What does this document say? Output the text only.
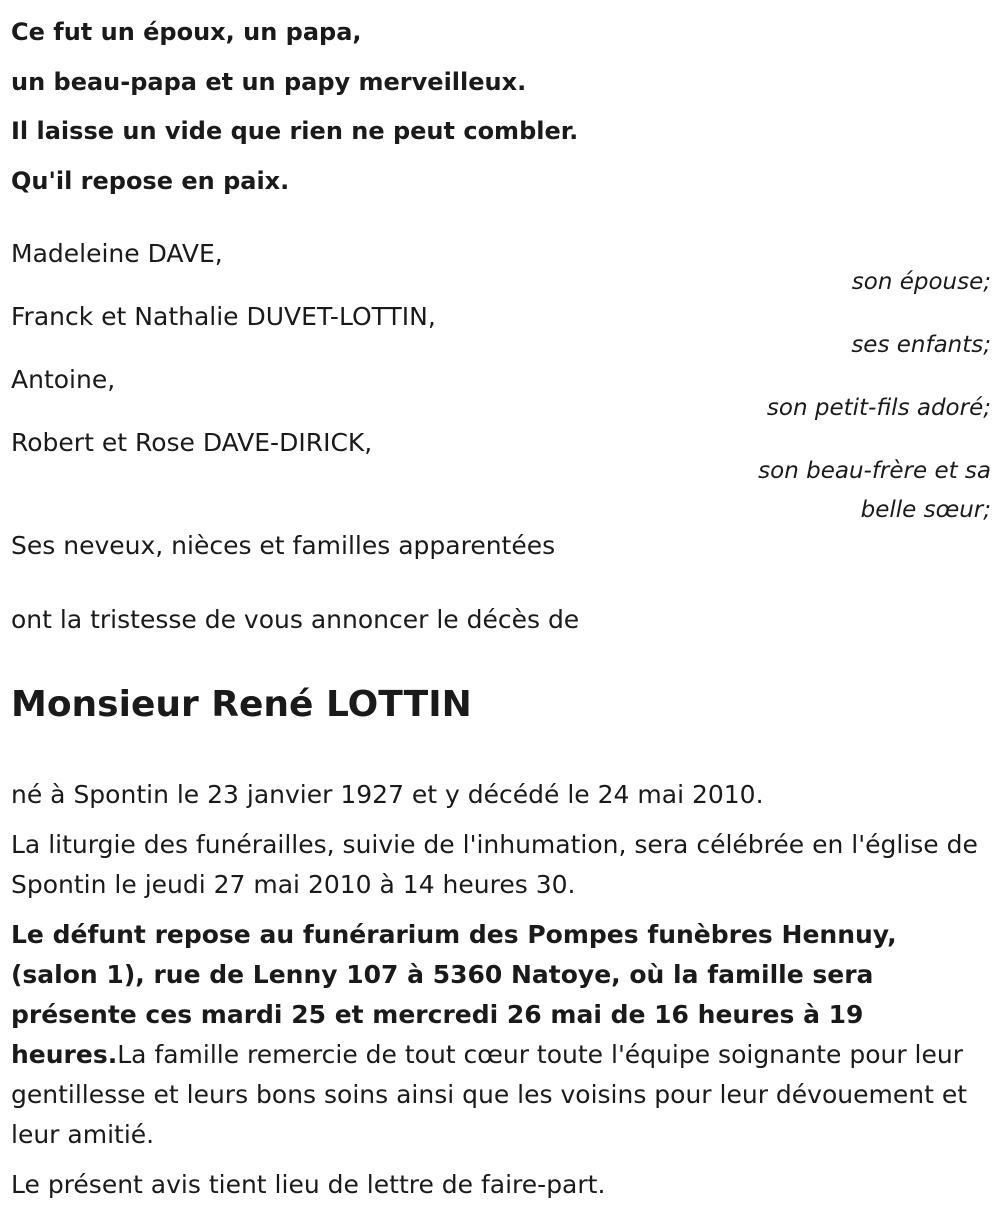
Ce fut un époux, un papa,
un beau-papa et un papy merveilleux.
Il laisse un vide que rien ne peut combler.
Qu'il repose en paix.
Madeleine DAVE,
son épouse;
Franck et Nathalie DUVET-LOTTIN,
ses enfants;
Antoine,
son petit-fils adoré;
Robert et Rose DAVE-DIRICK,
son beau-frère et sa
belle sœur;
Ses neveux, nièces et familles apparentées
ont la tristesse de vous annoncer le décès de
Monsieur René LOTTIN

né à Spontin le 23 janvier 1927 et y décédé le 24 mai 2010.

La liturgie des funérailles, suivie de l'inhumation, sera célébrée en l'église de Spontin le jeudi 27 mai 2010 à 14 heures 30.

Le défunt repose au funérarium des Pompes funèbres Hennuy, (salon 1), rue de Lenny 107 à 5360 Natoye, où la famille sera présente ces mardi 25 et mercredi 26 mai de 16 heures à 19 heures.La famille remercie de tout cœur toute l'équipe soignante pour leur gentillesse et leurs bons soins ainsi que les voisins pour leur dévouement et leur amitié.

Le présent avis tient lieu de lettre de faire-part.
